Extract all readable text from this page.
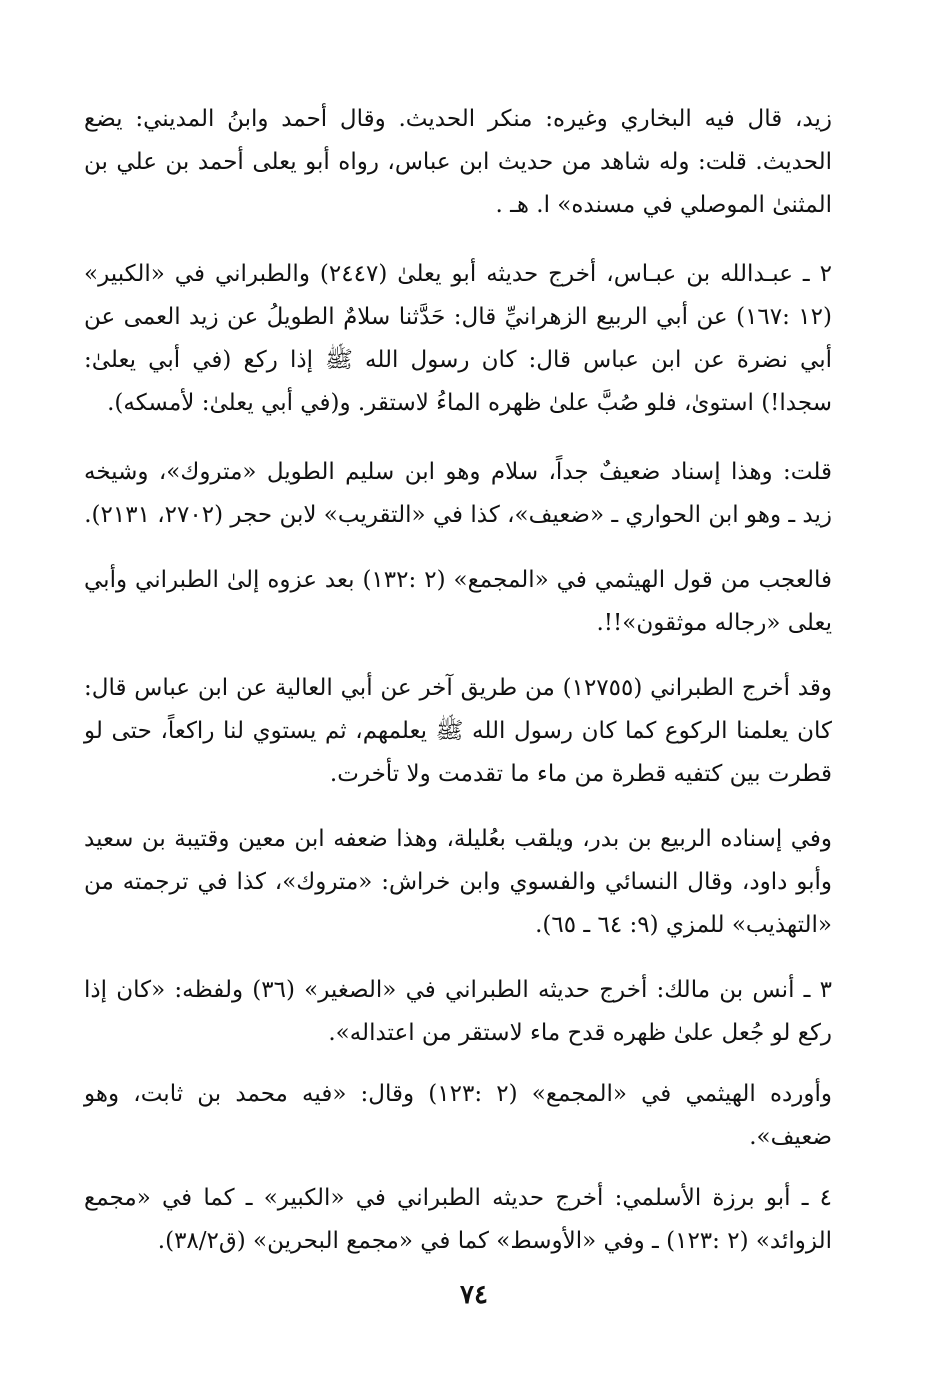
زيد، قال فيه البخاري وغيره: منكر الحديث. وقال أحمد وابنُ المديني: يضع الحديث. قلت: وله شاهد من حديث ابن عباس، رواه أبو يعلى أحمد بن علي بن المثنىٰ الموصلي في مسنده» ا. هـ .

٢ ـ عبـدالله بن عبـاس، أخرج حديثه أبو يعلىٰ (٢٤٤٧) والطبراني في «الكبير» (١٢ :١٦٧) عن أبي الربيع الزهرانيِّ قال: حَدَّثنا سلامٌ الطويلُ عن زيد العمى عن أبي نضرة عن ابن عباس قال: كان رسول الله ﷺ إذا ركع (في أبي يعلىٰ: سجدا!) استوىٰ، فلو صُبَّ علىٰ ظهره الماءُ لاستقر. و(في أبي يعلىٰ: لأمسكه).

قلت: وهذا إسناد ضعيفٌ جداً، سلام وهو ابن سليم الطويل «متروك»، وشيخه زيد ـ وهو ابن الحواري ـ «ضعيف»، كذا في «التقريب» لابن حجر (٢٧٠٢، ٢١٣١).

فالعجب من قول الهيثمي في «المجمع» (٢ :١٣٢) بعد عزوه إلىٰ الطبراني وأبي يعلى «رجاله موثقون»!!.

وقد أخرج الطبراني (١٢٧٥٥) من طريق آخر عن أبي العالية عن ابن عباس قال: كان يعلمنا الركوع كما كان رسول الله ﷺ يعلمهم، ثم يستوي لنا راكعاً، حتى لو قطرت بين كتفيه قطرة من ماء ما تقدمت ولا تأخرت.

وفي إسناده الربيع بن بدر، ويلقب بعُليلة، وهذا ضعفه ابن معين وقتيبة بن سعيد وأبو داود، وقال النسائي والفسوي وابن خراش: «متروك»، كذا في ترجمته من «التهذيب» للمزي (٩: ٦٤ ـ ٦٥).

٣ ـ أنس بن مالك: أخرج حديثه الطبراني في «الصغير» (٣٦) ولفظه: «كان إذا ركع لو جُعل علىٰ ظهره قدح ماء لاستقر من اعتداله».

وأورده الهيثمي في «المجمع» (٢ :١٢٣) وقال: «فيه محمد بن ثابت، وهو ضعيف».

٤ ـ أبو برزة الأسلمي: أخرج حديثه الطبراني في «الكبير» ـ كما في «مجمع الزوائد» (٢ :١٢٣) ـ وفي «الأوسط» كما في «مجمع البحرين» (ق٣٨/٢).

٧٤
